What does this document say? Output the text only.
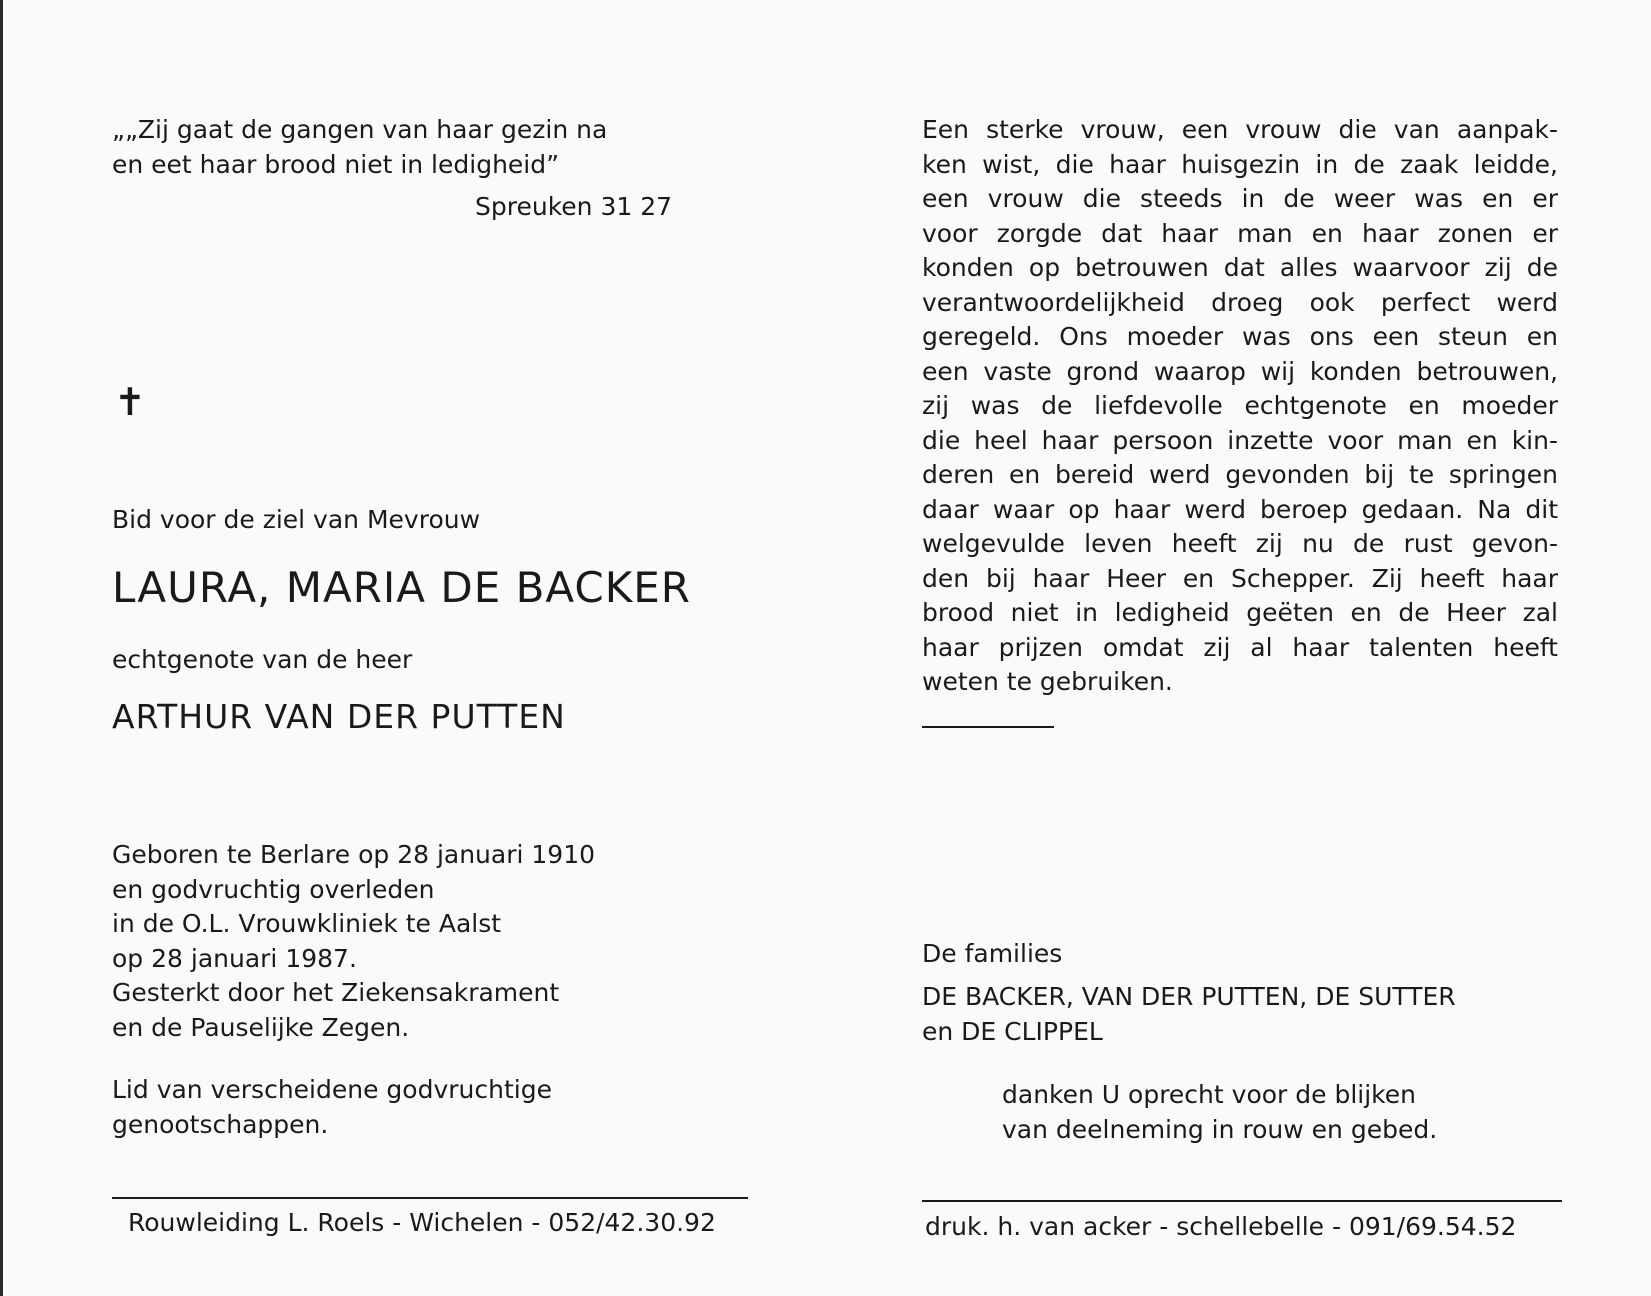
„„Zij gaat de gangen van haar gezin na
en eet haar brood niet in ledigheid”
Spreuken 31 27
✝
Bid voor de ziel van Mevrouw
LAURA, MARIA DE BACKER
echtgenote van de heer
ARTHUR VAN DER PUTTEN
Geboren te Berlare op 28 januari 1910
en godvruchtig overleden
in de O.L. Vrouwkliniek te Aalst
op 28 januari 1987.
Gesterkt door het Ziekensakrament
en de Pauselijke Zegen.
Lid van verscheidene godvruchtige
genootschappen.
Rouwleiding L. Roels - Wichelen - 052/42.30.92
Een sterke vrouw, een vrouw die van aanpak-
ken wist, die haar huisgezin in de zaak leidde,
een vrouw die steeds in de weer was en er
voor zorgde dat haar man en haar zonen er
konden op betrouwen dat alles waarvoor zij de
verantwoordelijkheid droeg ook perfect werd
geregeld. Ons moeder was ons een steun en
een vaste grond waarop wij konden betrouwen,
zij was de liefdevolle echtgenote en moeder
die heel haar persoon inzette voor man en kin-
deren en bereid werd gevonden bij te springen
daar waar op haar werd beroep gedaan. Na dit
welgevulde leven heeft zij nu de rust gevon-
den bij haar Heer en Schepper. Zij heeft haar
brood niet in ledigheid geëten en de Heer zal
haar prijzen omdat zij al haar talenten heeft
weten te gebruiken.
De families
DE BACKER, VAN DER PUTTEN, DE SUTTER
en DE CLIPPEL
danken U oprecht voor de blijken
van deelneming in rouw en gebed.
druk. h. van acker - schellebelle - 091/69.54.52
